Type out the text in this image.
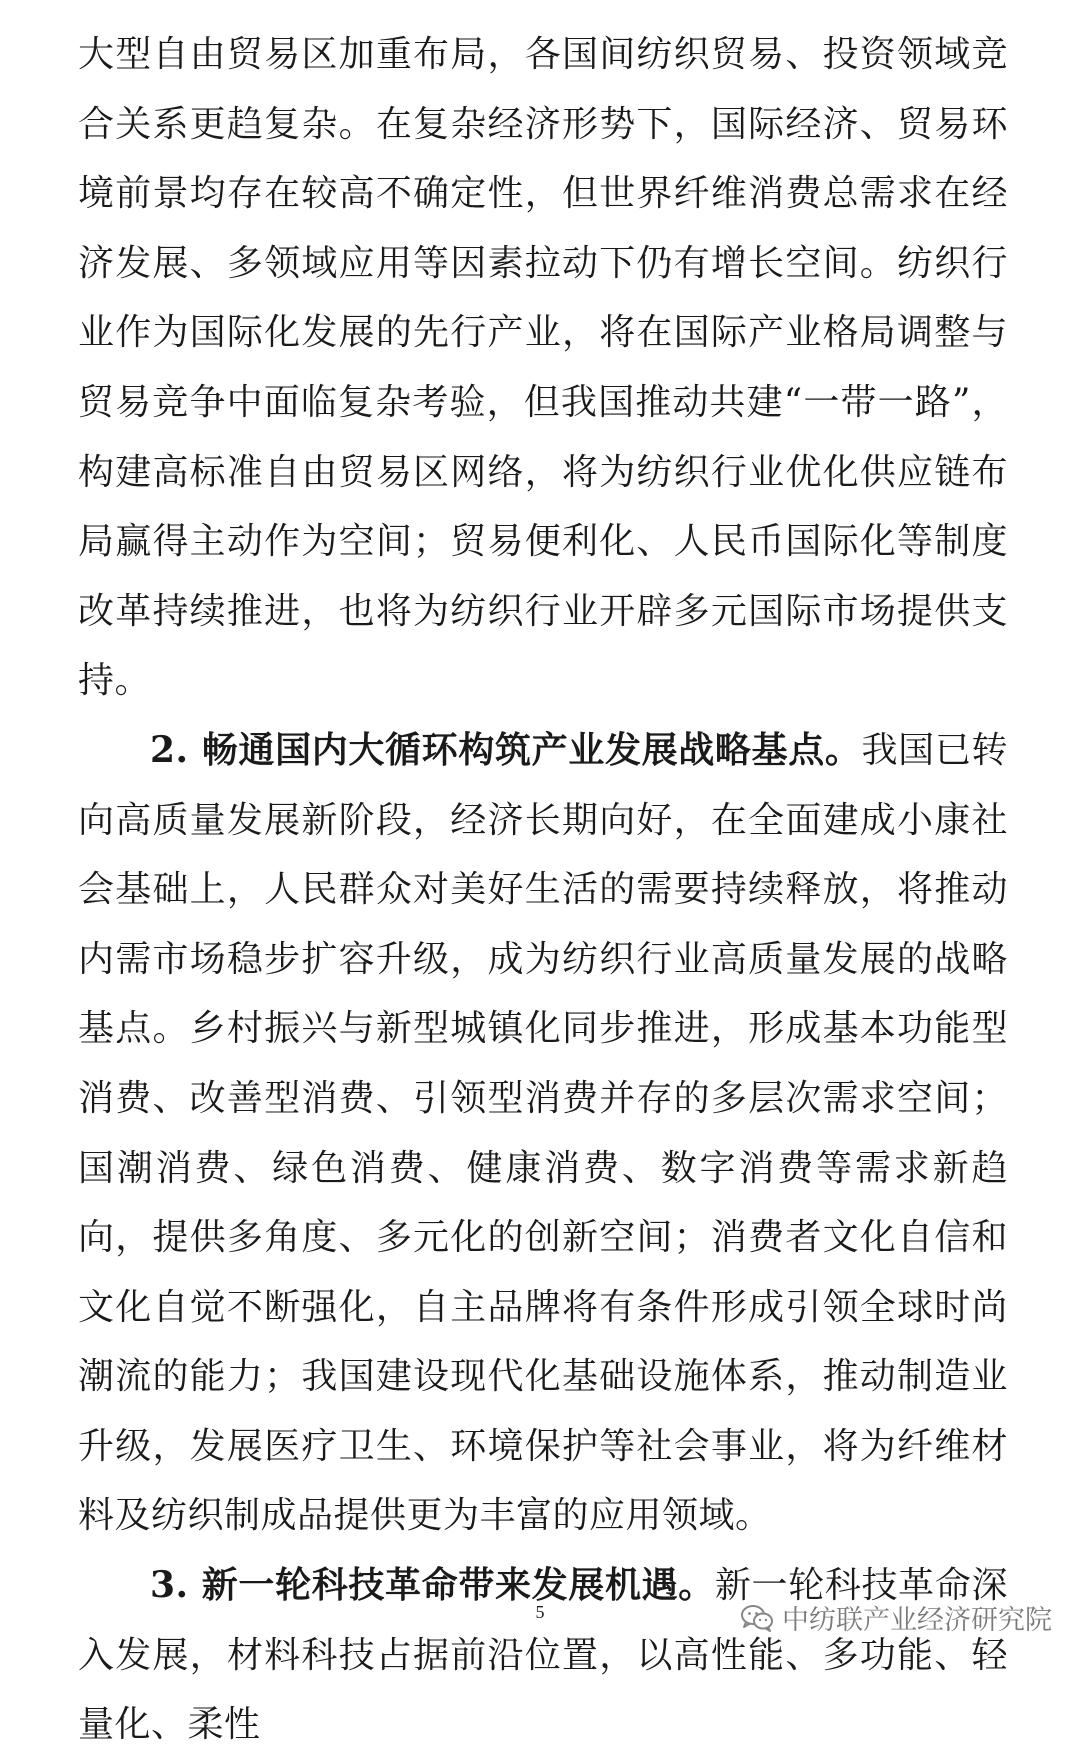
大型自由贸易区加重布局，各国间纺织贸易、投资领域竞合关系更趋复杂。在复杂经济形势下，国际经济、贸易环境前景均存在较高不确定性，但世界纤维消费总需求在经济发展、多领域应用等因素拉动下仍有增长空间。纺织行业作为国际化发展的先行产业，将在国际产业格局调整与贸易竞争中面临复杂考验，但我国推动共建“一带一路”，构建高标准自由贸易区网络，将为纺织行业优化供应链布局赢得主动作为空间；贸易便利化、人民币国际化等制度改革持续推进，也将为纺织行业开辟多元国际市场提供支持。

2. 畅通国内大循环构筑产业发展战略基点。我国已转向高质量发展新阶段，经济长期向好，在全面建成小康社会基础上，人民群众对美好生活的需要持续释放，将推动内需市场稳步扩容升级，成为纺织行业高质量发展的战略基点。乡村振兴与新型城镇化同步推进，形成基本功能型消费、改善型消费、引领型消费并存的多层次需求空间；国潮消费、绿色消费、健康消费、数字消费等需求新趋向，提供多角度、多元化的创新空间；消费者文化自信和文化自觉不断强化，自主品牌将有条件形成引领全球时尚潮流的能力；我国建设现代化基础设施体系，推动制造业升级，发展医疗卫生、环境保护等社会事业，将为纤维材料及纺织制成品提供更为丰富的应用领域。

3. 新一轮科技革命带来发展机遇。新一轮科技革命深入发展，材料科技占据前沿位置，以高性能、多功能、轻量化、柔性

5	中纺联产业经济研究院
